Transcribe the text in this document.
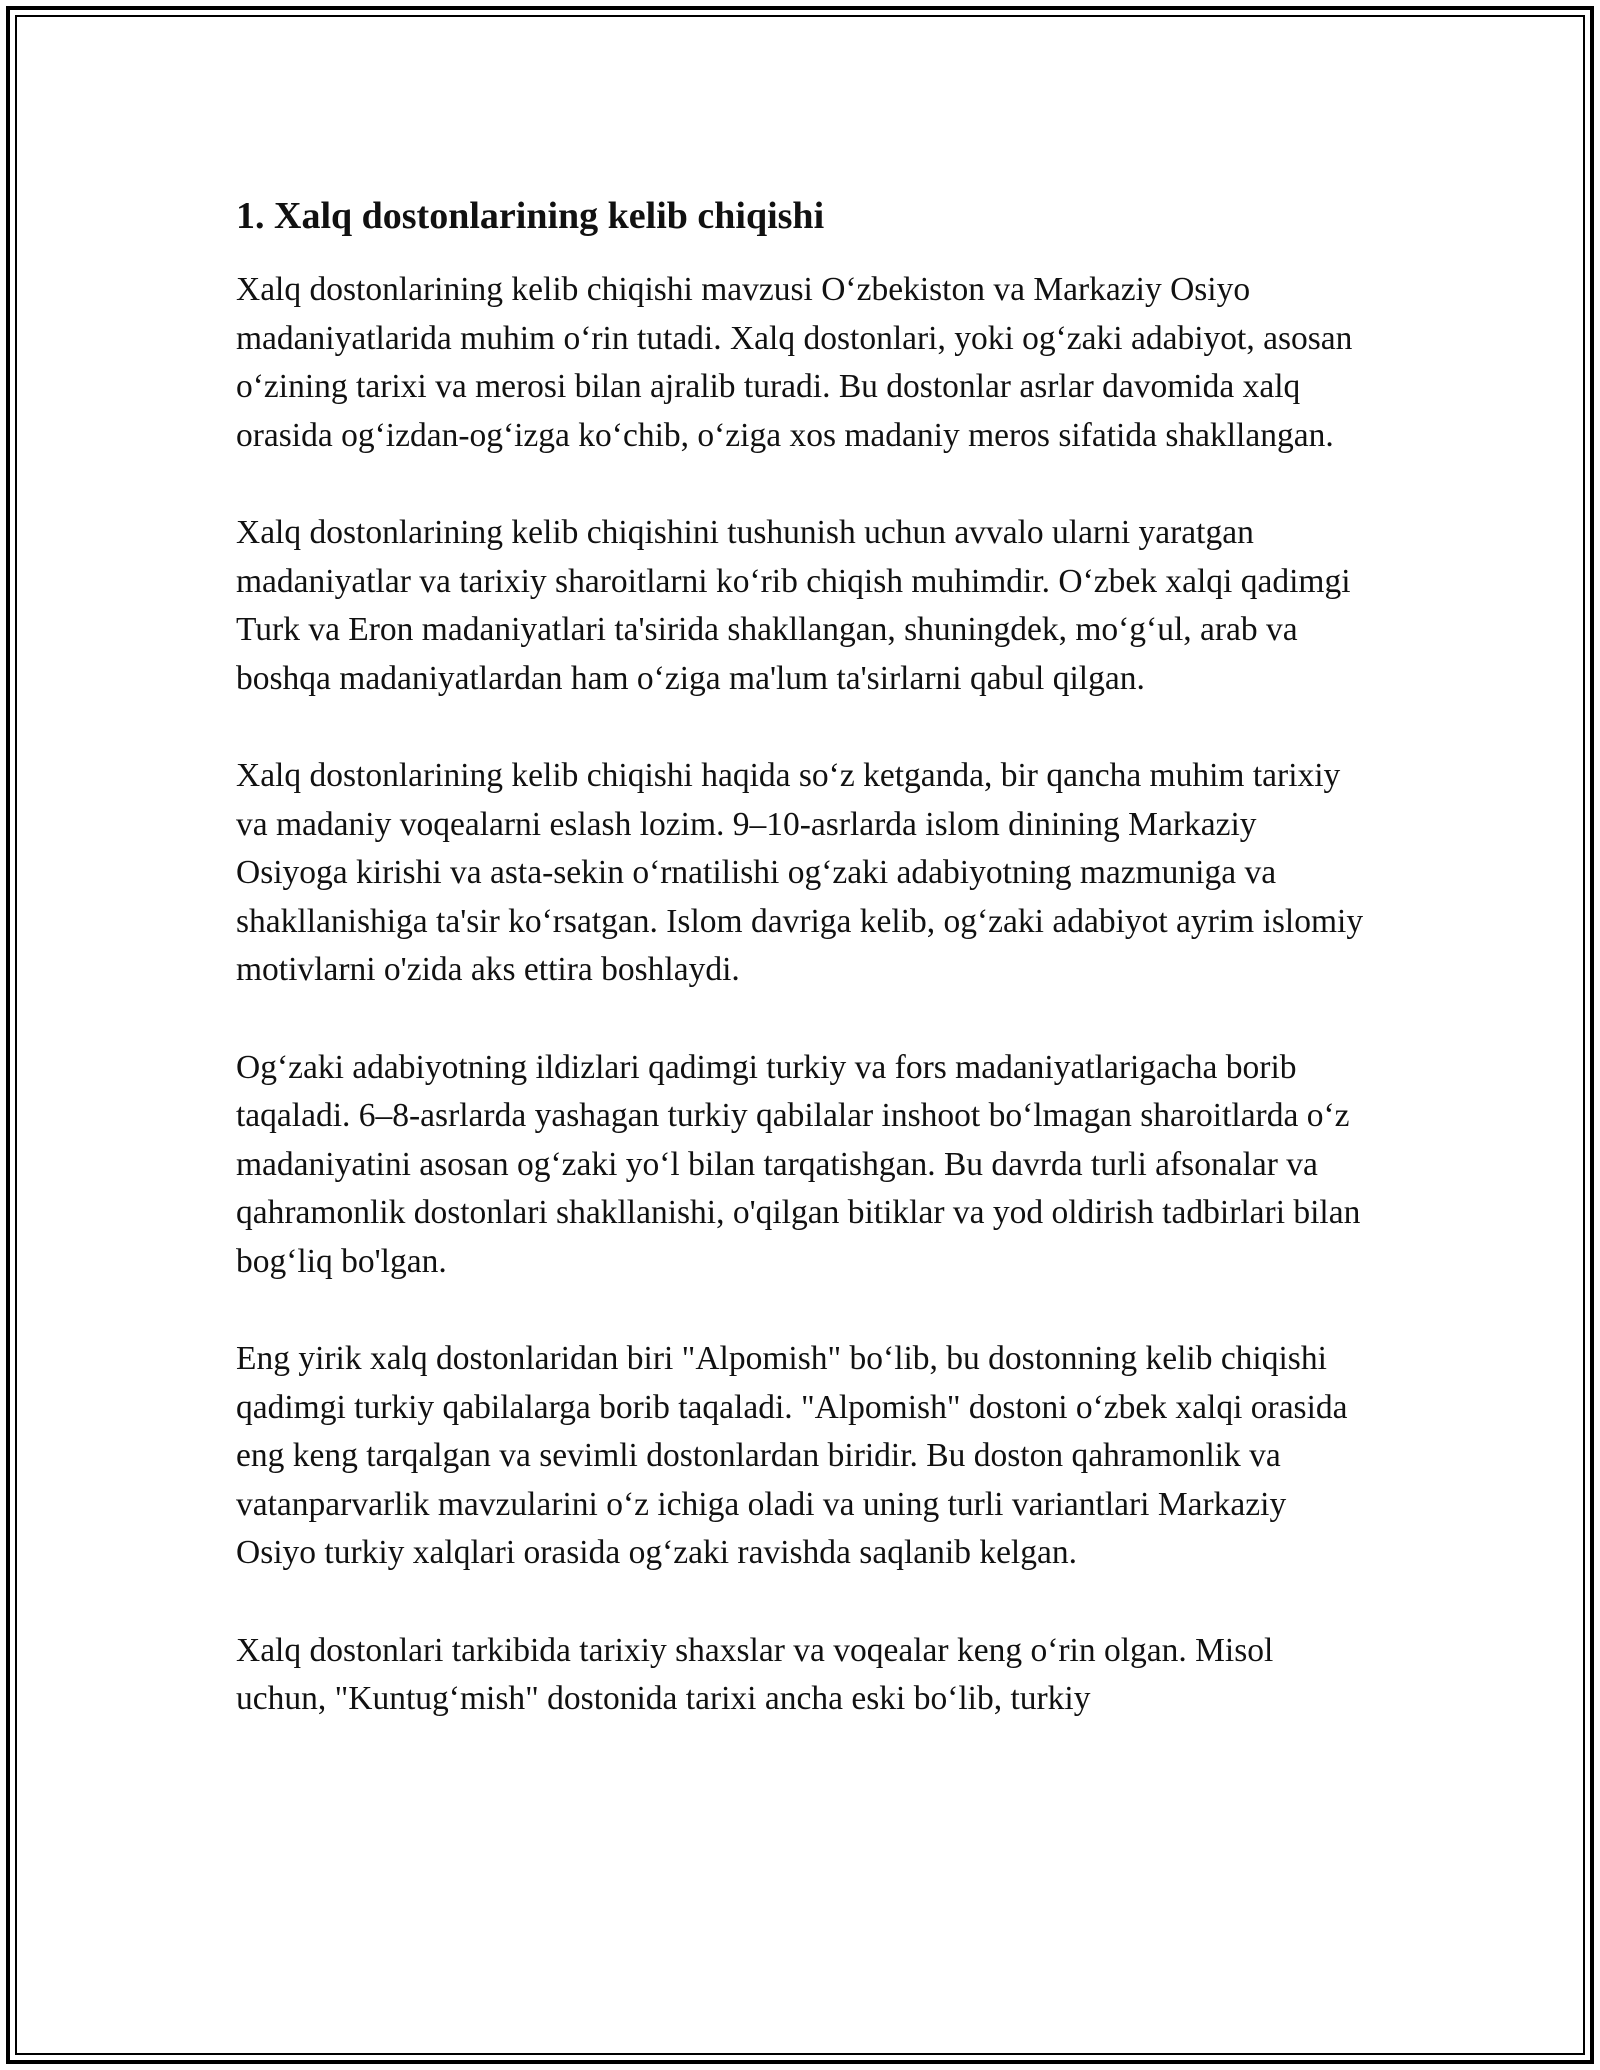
1. Xalq dostonlarining kelib chiqishi

Xalq dostonlarining kelib chiqishi mavzusi O‘zbekiston va Markaziy Osiyo madaniyatlarida muhim o‘rin tutadi. Xalq dostonlari, yoki og‘zaki adabiyot, asosan o‘zining tarixi va merosi bilan ajralib turadi. Bu dostonlar asrlar davomida xalq orasida og‘izdan-og‘izga ko‘chib, o‘ziga xos madaniy meros sifatida shakllangan.

Xalq dostonlarining kelib chiqishini tushunish uchun avvalo ularni yaratgan madaniyatlar va tarixiy sharoitlarni ko‘rib chiqish muhimdir. O‘zbek xalqi qadimgi Turk va Eron madaniyatlari ta'sirida shakllangan, shuningdek, mo‘g‘ul, arab va boshqa madaniyatlardan ham o‘ziga ma'lum ta'sirlarni qabul qilgan.

Xalq dostonlarining kelib chiqishi haqida so‘z ketganda, bir qancha muhim tarixiy va madaniy voqealarni eslash lozim. 9–10-asrlarda islom dinining Markaziy Osiyoga kirishi va asta-sekin o‘rnatilishi og‘zaki adabiyotning mazmuniga va shakllanishiga ta'sir ko‘rsatgan. Islom davriga kelib, og‘zaki adabiyot ayrim islomiy motivlarni o'zida aks ettira boshlaydi.

Og‘zaki adabiyotning ildizlari qadimgi turkiy va fors madaniyatlarigacha borib taqaladi. 6–8-asrlarda yashagan turkiy qabilalar inshoot bo‘lmagan sharoitlarda o‘z madaniyatini asosan og‘zaki yo‘l bilan tarqatishgan. Bu davrda turli afsonalar va qahramonlik dostonlari shakllanishi, o'qilgan bitiklar va yod oldirish tadbirlari bilan bog‘liq bo'lgan.

Eng yirik xalq dostonlaridan biri "Alpomish" bo‘lib, bu dostonning kelib chiqishi qadimgi turkiy qabilalarga borib taqaladi. "Alpomish" dostoni o‘zbek xalqi orasida eng keng tarqalgan va sevimli dostonlardan biridir. Bu doston qahramonlik va vatanparvarlik mavzularini o‘z ichiga oladi va uning turli variantlari Markaziy Osiyo turkiy xalqlari orasida og‘zaki ravishda saqlanib kelgan.

Xalq dostonlari tarkibida tarixiy shaxslar va voqealar keng o‘rin olgan. Misol uchun, "Kuntug‘mish" dostonida tarixi ancha eski bo‘lib, turkiy
